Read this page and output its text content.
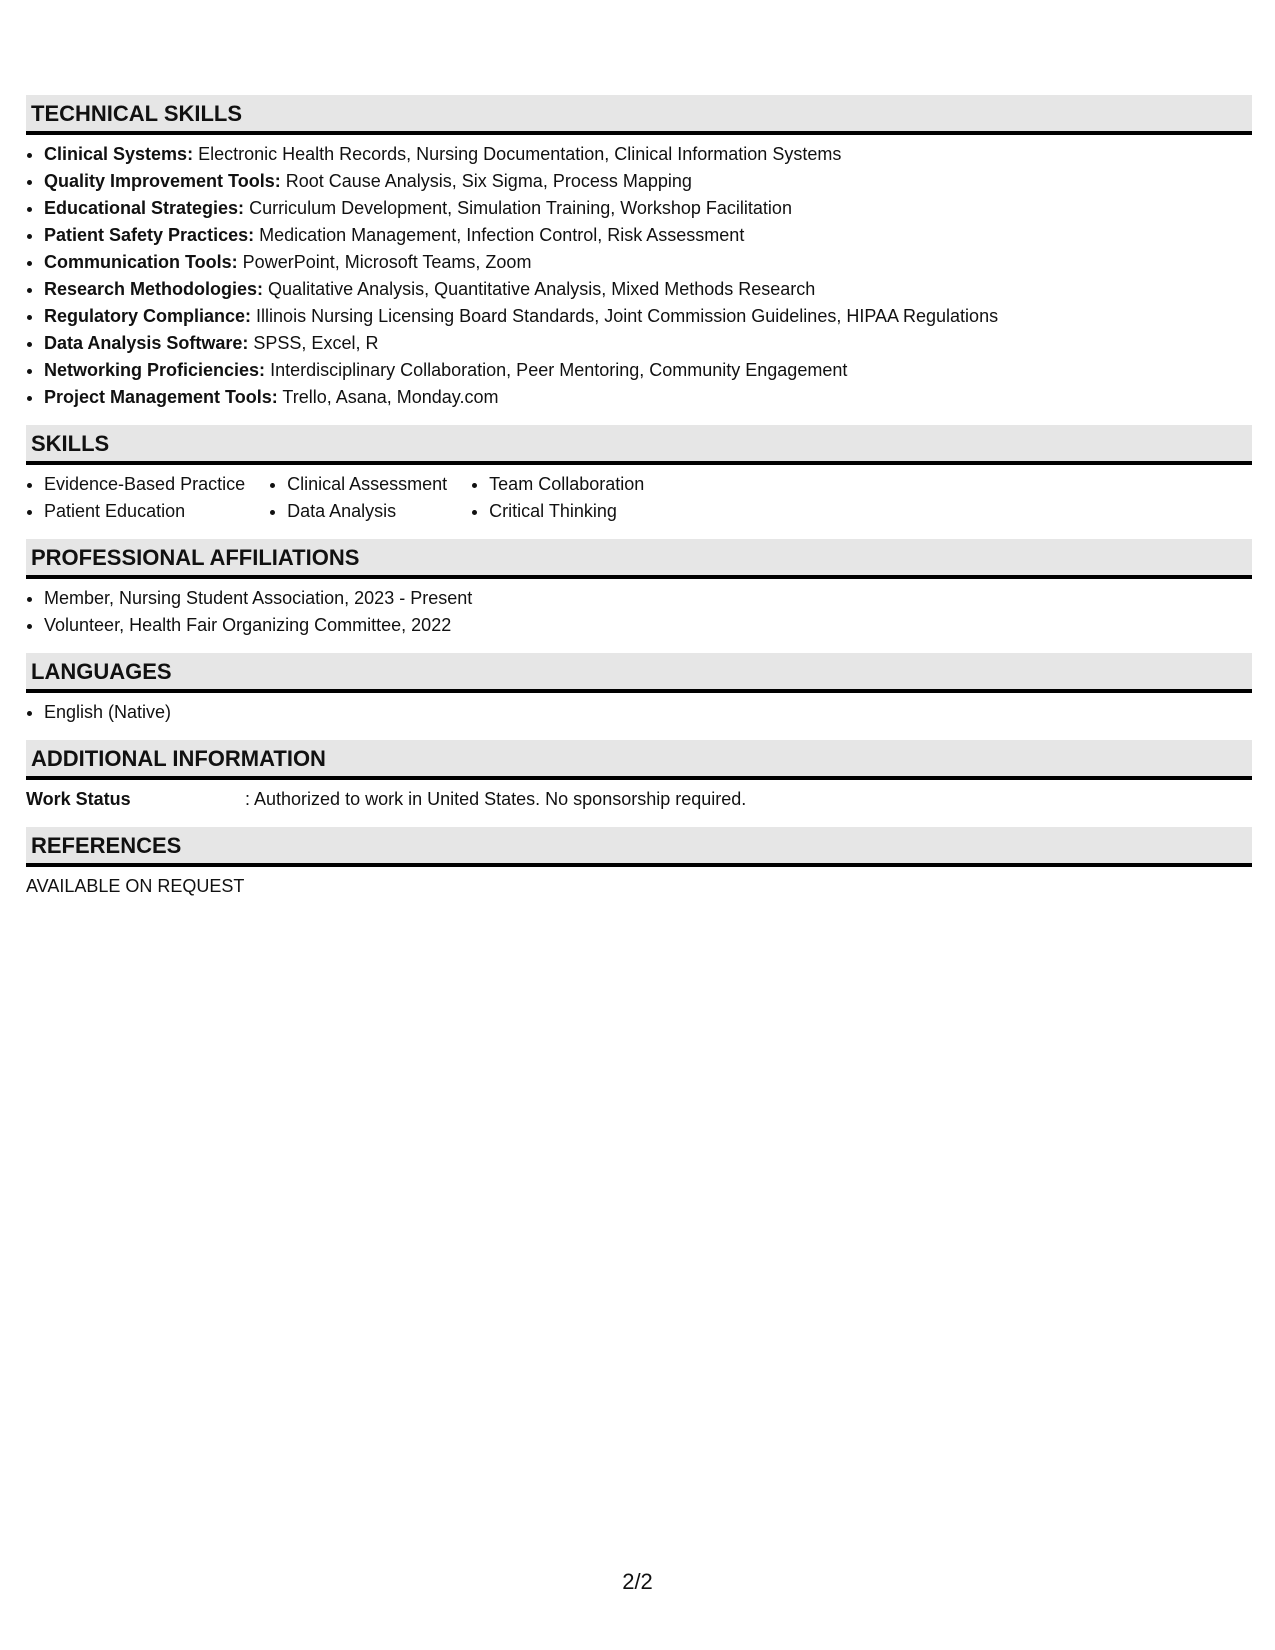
TECHNICAL SKILLS
• Clinical Systems: Electronic Health Records, Nursing Documentation, Clinical Information Systems
• Quality Improvement Tools: Root Cause Analysis, Six Sigma, Process Mapping
• Educational Strategies: Curriculum Development, Simulation Training, Workshop Facilitation
• Patient Safety Practices: Medication Management, Infection Control, Risk Assessment
• Communication Tools: PowerPoint, Microsoft Teams, Zoom
• Research Methodologies: Qualitative Analysis, Quantitative Analysis, Mixed Methods Research
• Regulatory Compliance: Illinois Nursing Licensing Board Standards, Joint Commission Guidelines, HIPAA Regulations
• Data Analysis Software: SPSS, Excel, R
• Networking Proficiencies: Interdisciplinary Collaboration, Peer Mentoring, Community Engagement
• Project Management Tools: Trello, Asana, Monday.com
SKILLS
• Evidence-Based Practice
• Patient Education
• Clinical Assessment
• Data Analysis
• Team Collaboration
• Critical Thinking
PROFESSIONAL AFFILIATIONS
• Member, Nursing Student Association, 2023 - Present
• Volunteer, Health Fair Organizing Committee, 2022
LANGUAGES
• English (Native)
ADDITIONAL INFORMATION
Work Status	: Authorized to work in United States. No sponsorship required.
REFERENCES
AVAILABLE ON REQUEST
2/2
